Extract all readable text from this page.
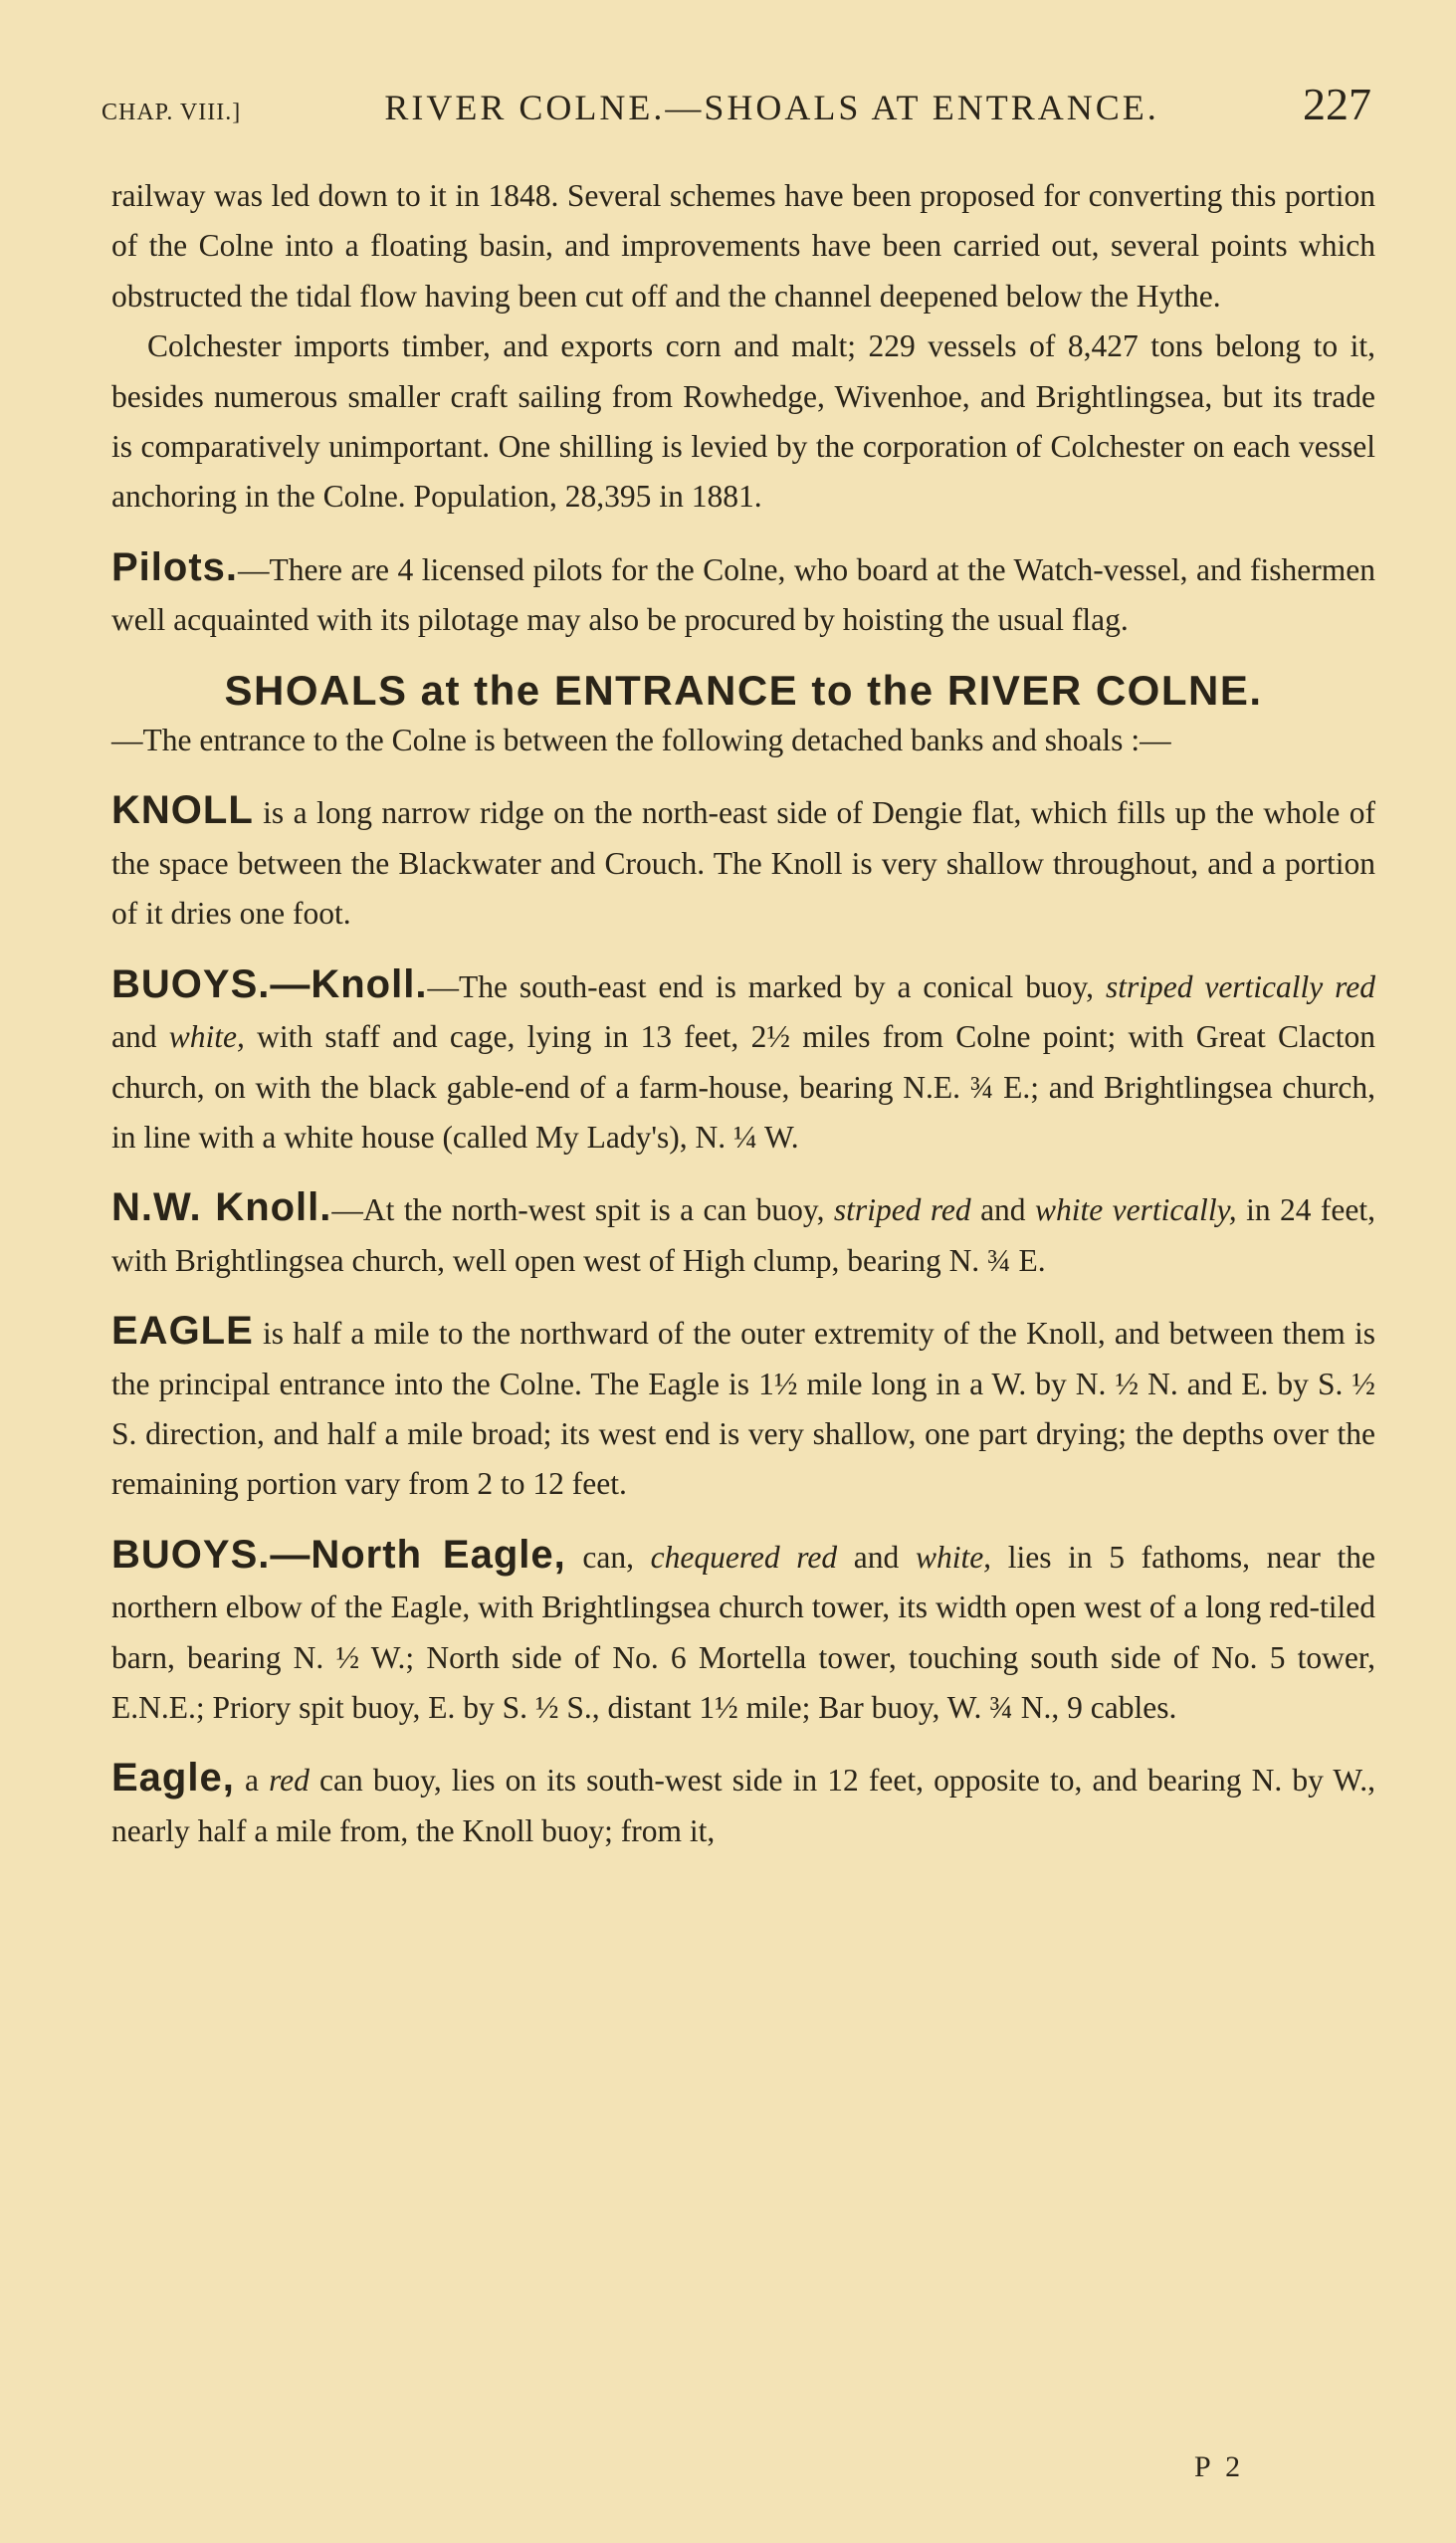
CHAP. VIII.]	RIVER COLNE.—SHOALS AT ENTRANCE.	227

railway was led down to it in 1848. Several schemes have been proposed for converting this portion of the Colne into a floating basin, and improvements have been carried out, several points which obstructed the tidal flow having been cut off and the channel deepened below the Hythe.

Colchester imports timber, and exports corn and malt; 229 vessels of 8,427 tons belong to it, besides numerous smaller craft sailing from Rowhedge, Wivenhoe, and Brightlingsea, but its trade is comparatively unimportant. One shilling is levied by the corporation of Colchester on each vessel anchoring in the Colne. Population, 28,395 in 1881.

Pilots.—There are 4 licensed pilots for the Colne, who board at the Watch-vessel, and fishermen well acquainted with its pilotage may also be procured by hoisting the usual flag.

SHOALS at the ENTRANCE to the RIVER COLNE.
—The entrance to the Colne is between the following detached banks and shoals :—

KNOLL is a long narrow ridge on the north-east side of Dengie flat, which fills up the whole of the space between the Blackwater and Crouch. The Knoll is very shallow throughout, and a portion of it dries one foot.

BUOYS.—Knoll.—The south-east end is marked by a conical buoy, striped vertically red and white, with staff and cage, lying in 13 feet, 2½ miles from Colne point; with Great Clacton church, on with the black gable-end of a farm-house, bearing N.E. ¾ E.; and Brightlingsea church, in line with a white house (called My Lady's), N. ¼ W.

N.W. Knoll.—At the north-west spit is a can buoy, striped red and white vertically, in 24 feet, with Brightlingsea church, well open west of High clump, bearing N. ¾ E.

EAGLE is half a mile to the northward of the outer extremity of the Knoll, and between them is the principal entrance into the Colne. The Eagle is 1½ mile long in a W. by N. ½ N. and E. by S. ½ S. direction, and half a mile broad; its west end is very shallow, one part drying; the depths over the remaining portion vary from 2 to 12 feet.

BUOYS.—North Eagle, can, chequered red and white, lies in 5 fathoms, near the northern elbow of the Eagle, with Brightlingsea church tower, its width open west of a long red-tiled barn, bearing N. ½ W.; North side of No. 6 Mortella tower, touching south side of No. 5 tower, E.N.E.; Priory spit buoy, E. by S. ½ S., distant 1½ mile; Bar buoy, W. ¾ N., 9 cables.

Eagle, a red can buoy, lies on its south-west side in 12 feet, opposite to, and bearing N. by W., nearly half a mile from, the Knoll buoy; from it,

P 2
